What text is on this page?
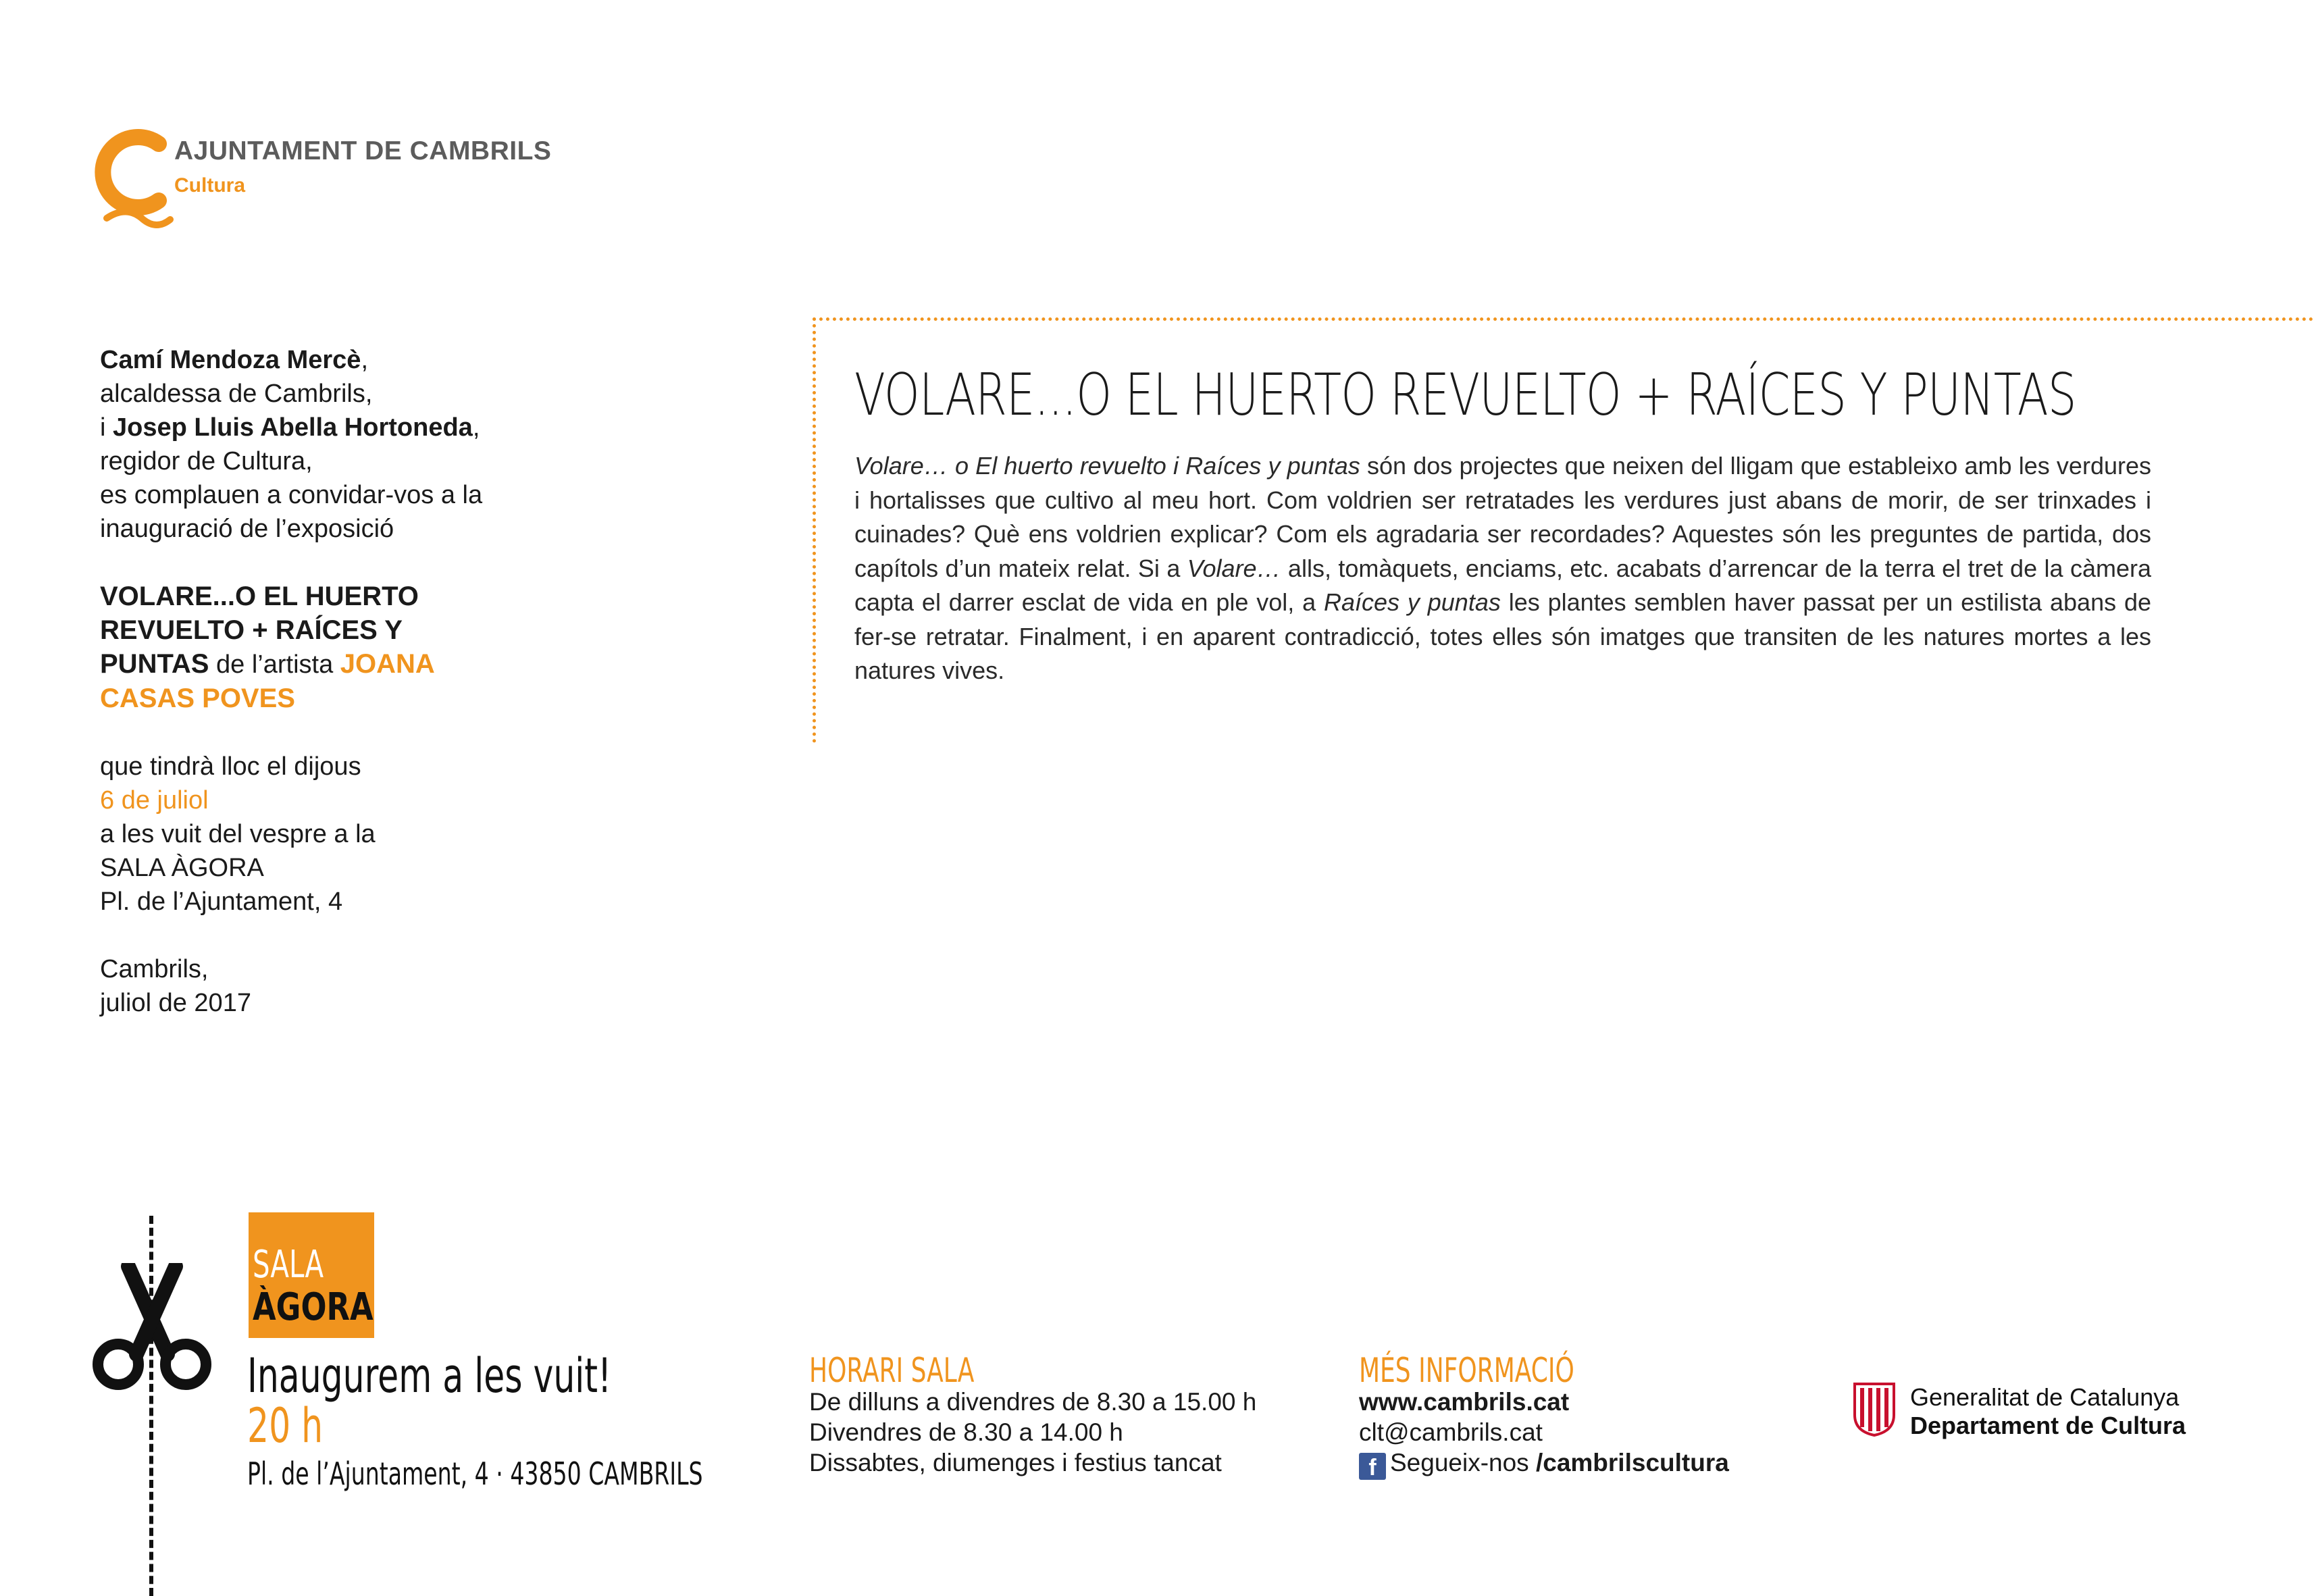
AJUNTAMENT DE CAMBRILS
Cultura

Camí Mendoza Mercè,

alcaldessa de Cambrils,

i Josep Lluis Abella Hortoneda,

regidor de Cultura,

es complauen a convidar-vos a la

inauguració de l’exposició

VOLARE...O EL HUERTO

REVUELTO + RAÍCES Y

PUNTAS de l’artista JOANA

CASAS POVES

que tindrà lloc el dijous

6 de juliol

a les vuit del vespre a la

SALA ÀGORA

Pl. de l’Ajuntament, 4

Cambrils,

juliol de 2017

VOLARE...O EL HUERTO REVUELTO + RAÍCES Y PUNTAS
Volare… o El huerto revuelto i Raíces y puntas són dos projectes que neixen del lligam que estableixo amb les verdures i hortalisses que cultivo al meu hort. Com voldrien ser retratades les verdures just abans de morir, de ser trinxades i cuinades? Què ens voldrien explicar? Com els agradaria ser recordades? Aquestes són les preguntes de partida, dos capítols d’un mateix relat. Si a Volare… alls, tomàquets, enciams, etc. acabats d’arrencar de la terra el tret de la càmera capta el darrer esclat de vida en ple vol, a Raíces y puntas les plantes semblen haver passat per un estilista abans de fer-se retratar. Finalment, i en aparent contradicció, totes elles són imatges que transiten de les natures mortes a les natures vives.
SALA
ÀGORA
Inaugurem a les vuit!
20 h
Pl. de l’Ajuntament, 4 · 43850 CAMBRILS
HORARI SALA
De dilluns a divendres de 8.30 a 15.00 h
Divendres de 8.30 a 14.00 h
Dissabtes, diumenges i festius tancat
MÉS INFORMACIÓ
www.cambrils.cat
clt@cambrils.cat
f Segueix-nos /cambrilscultura
Generalitat de Catalunya
Departament de Cultura
